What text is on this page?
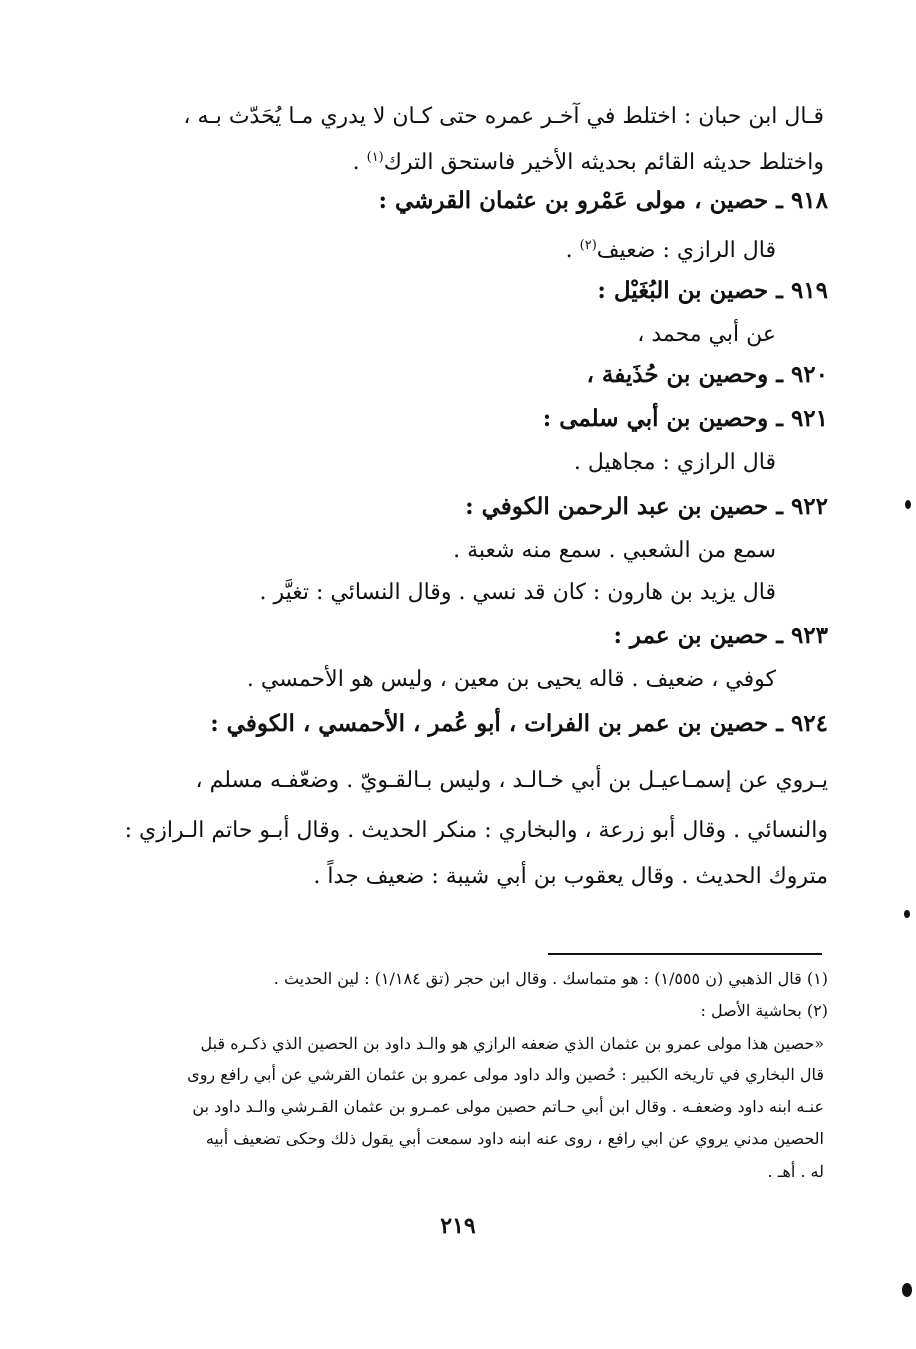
قـال ابن حبان : اختلط في آخـر عمره حتى كـان لا يدري مـا يُحَدّث بـه ،
واختلط حديثه القائم بحديثه الأخير فاستحق الترك$^{(١)}$ .
٩١٨ ـ حصين ، مولى عَمْرو بن عثمان القرشي :
قال الرازي : ضعيف$^{(٢)}$ .
٩١٩ ـ حصين بن البُغَيْل :
عن أبي محمد ،
٩٢٠ ـ وحصين بن حُذَيفة ،
٩٢١ ـ وحصين بن أبي سلمى :
قال الرازي : مجاهيل .
٩٢٢ ـ حصين بن عبد الرحمن الكوفي :
سمع من الشعبي . سمع منه شعبة .
قال يزيد بن هارون : كان قد نسي . وقال النسائي : تغيَّر .
٩٢٣ ـ حصين بن عمر :
كوفي ، ضعيف . قاله يحيى بن معين ، وليس هو الأحمسي .
٩٢٤ ـ حصين بن عمر بن الفرات ، أبو عُمر ، الأحمسي ، الكوفي :
يـروي عن إسمـاعيـل بن أبي خـالـد ، وليس بـالقـويّ . وضعّفـه مسلم ،
والنسائي . وقال أبو زرعة ، والبخاري : منكر الحديث . وقال أبـو حاتم الـرازي :
متروك الحديث . وقال يعقوب بن أبي شيبة : ضعيف جداً .
(١) قال الذهبي (ن ١/٥٥٥) : هو متماسك . وقال ابن حجر (تق ١/١٨٤) : لين الحديث .
(٢) بحاشية الأصل :
«حصين هذا مولى عمرو بن عثمان الذي ضعفه الرازي هو والـد داود بن الحصين الذي ذكـره قبل
قال البخاري في تاريخه الكبير : حُصين والد داود مولى عمرو بن عثمان القرشي عن أبي رافع روى
عنـه ابنه داود وضعفـه . وقال ابن أبي حـاتم حصين مولى عمـرو بن عثمان القـرشي والـد داود بن
الحصين مدني يروي عن ابي رافع ، روى عنه ابنه داود سمعت أبي يقول ذلك وحكى تضعيف أبيه
له . أهـ .
٢١٩
